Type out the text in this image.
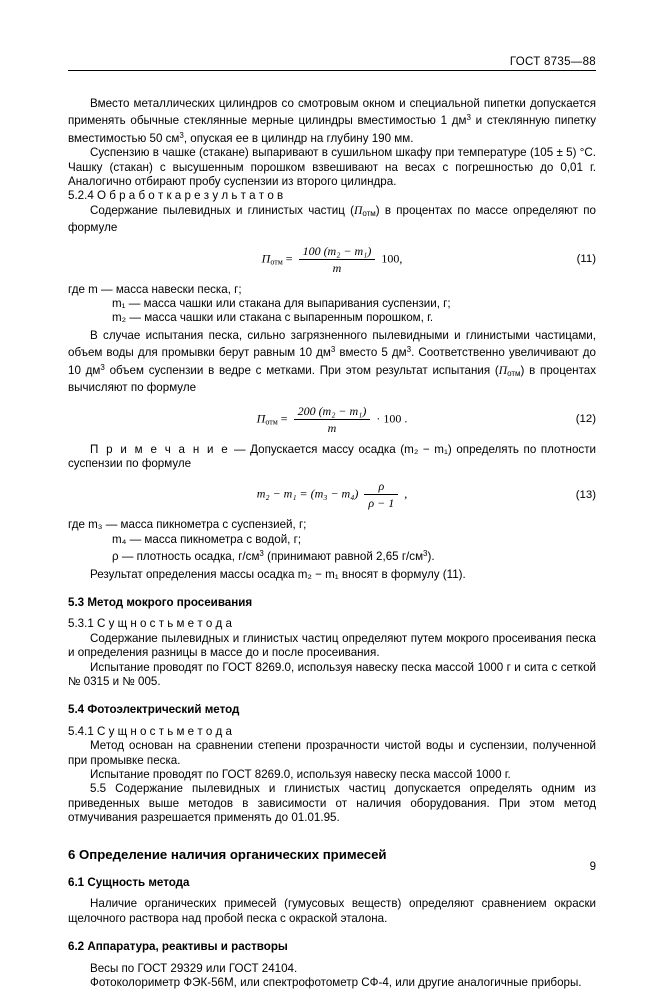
ГОСТ 8735—88

Вместо металлических цилиндров со смотровым окном и специальной пипетки допускается применять обычные стеклянные мерные цилиндры вместимостью 1 $дм^3$ и стеклянную пипетку вместимостью 50 $см^3$, опуская ее в цилиндр на глубину 190 мм.

Суспензию в чашке (стакане) выпаривают в сушильном шкафу при температуре (105 ± 5) °С. Чашку (стакан) с высушенным порошком взвешивают на весах с погрешностью до 0,01 г. Аналогично отбирают пробу суспензии из второго цилиндра.

5.2.4 О б р а б о т к а р е з у л ь т а т о в

Содержание пылевидных и глинистых частиц $(П_{отм})$ в процентах по массе определяют по формуле

$П_{отм} = \frac{\text{100 (m₂ − m₁)}}{m} 100$,	(11)

где m — масса навески песка, г;

m₁ — масса чашки или стакана для выпаривания суспензии, г;

m₂ — масса чашки или стакана с выпаренным порошком, г.

В случае испытания песка, сильно загрязненного пылевидными и глинистыми частицами, объем воды для промывки берут равным 10 $дм^3$ вместо 5 $дм^3$. Соответственно увеличивают до 10 $дм^3$ объем суспензии в ведре с метками. При этом результат испытания $(П_{отм})$ в процентах вычисляют по формуле

$П_{отм} = \frac{\text{200 (m₂ − m₁)}}{m} \cdot 100$ .	(12)

П р и м е ч а н и е — Допускается массу осадка (m₂ − m₁) определять по плотности суспензии по формуле

$m_2 - m_1 = (m_3 - m_4) \frac{\rho}{\rho - 1}$ ,	(13)

где m₃ — масса пикнометра с суспензией, г;

m₄ — масса пикнометра с водой, г;

ρ — плотность осадка, $г/см^3$ (принимают равной 2,65 $г/см^3$).

Результат определения массы осадка m₂ − m₁ вносят в формулу (11).

5.3 Метод мокрого просеивания

5.3.1 С у щ н о с т ь м е т о д а

Содержание пылевидных и глинистых частиц определяют путем мокрого просеивания песка и определения разницы в массе до и после просеивания.

Испытание проводят по ГОСТ 8269.0, используя навеску песка массой 1000 г и сита с сеткой № 0315 и № 005.

5.4 Фотоэлектрический метод

5.4.1 С у щ н о с т ь м е т о д а

Метод основан на сравнении степени прозрачности чистой воды и суспензии, полученной при промывке песка.

Испытание проводят по ГОСТ 8269.0, используя навеску песка массой 1000 г.

5.5 Содержание пылевидных и глинистых частиц допускается определять одним из приведенных выше методов в зависимости от наличия оборудования. При этом метод отмучивания разрешается применять до 01.01.95.

6 Определение наличия органических примесей

6.1 Сущность метода

Наличие органических примесей (гумусовых веществ) определяют сравнением окраски щелочного раствора над пробой песка с окраской эталона.

6.2 Аппаратура, реактивы и растворы

Весы по ГОСТ 29329 или ГОСТ 24104.

Фотоколориметр ФЭК-56М, или спектрофотометр СФ-4, или другие аналогичные приборы.

9
